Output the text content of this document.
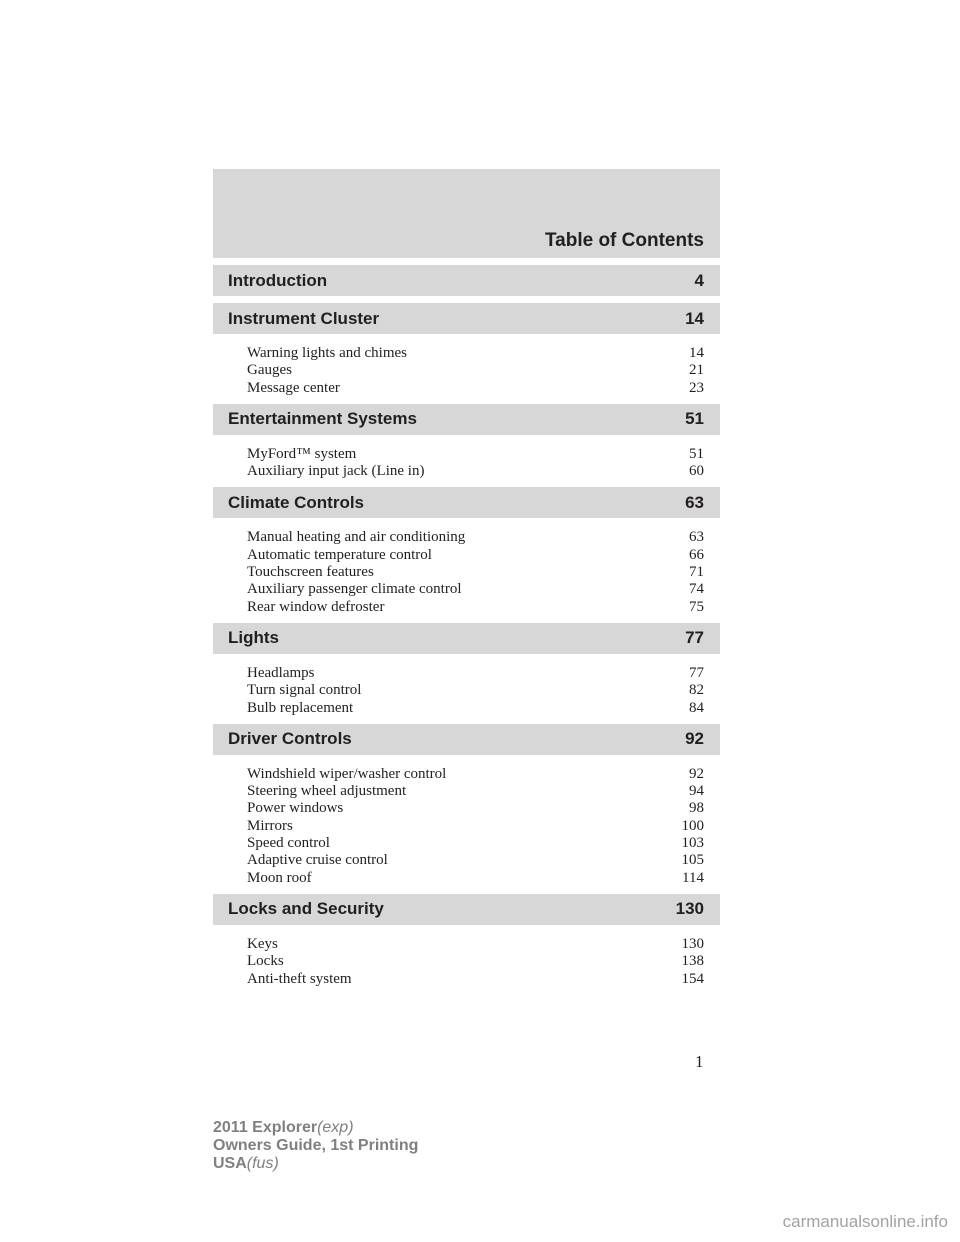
Table of Contents
Introduction	4
Instrument Cluster	14
Warning lights and chimes	14
Gauges	21
Message center	23
Entertainment Systems	51
MyFord™ system	51
Auxiliary input jack (Line in)	60
Climate Controls	63
Manual heating and air conditioning	63
Automatic temperature control	66
Touchscreen features	71
Auxiliary passenger climate control	74
Rear window defroster	75
Lights	77
Headlamps	77
Turn signal control	82
Bulb replacement	84
Driver Controls	92
Windshield wiper/washer control	92
Steering wheel adjustment	94
Power windows	98
Mirrors	100
Speed control	103
Adaptive cruise control	105
Moon roof	114
Locks and Security	130
Keys	130
Locks	138
Anti-theft system	154
1
2011 Explorer(exp)
Owners Guide, 1st Printing
USA(fus)
carmanualsonline.info
